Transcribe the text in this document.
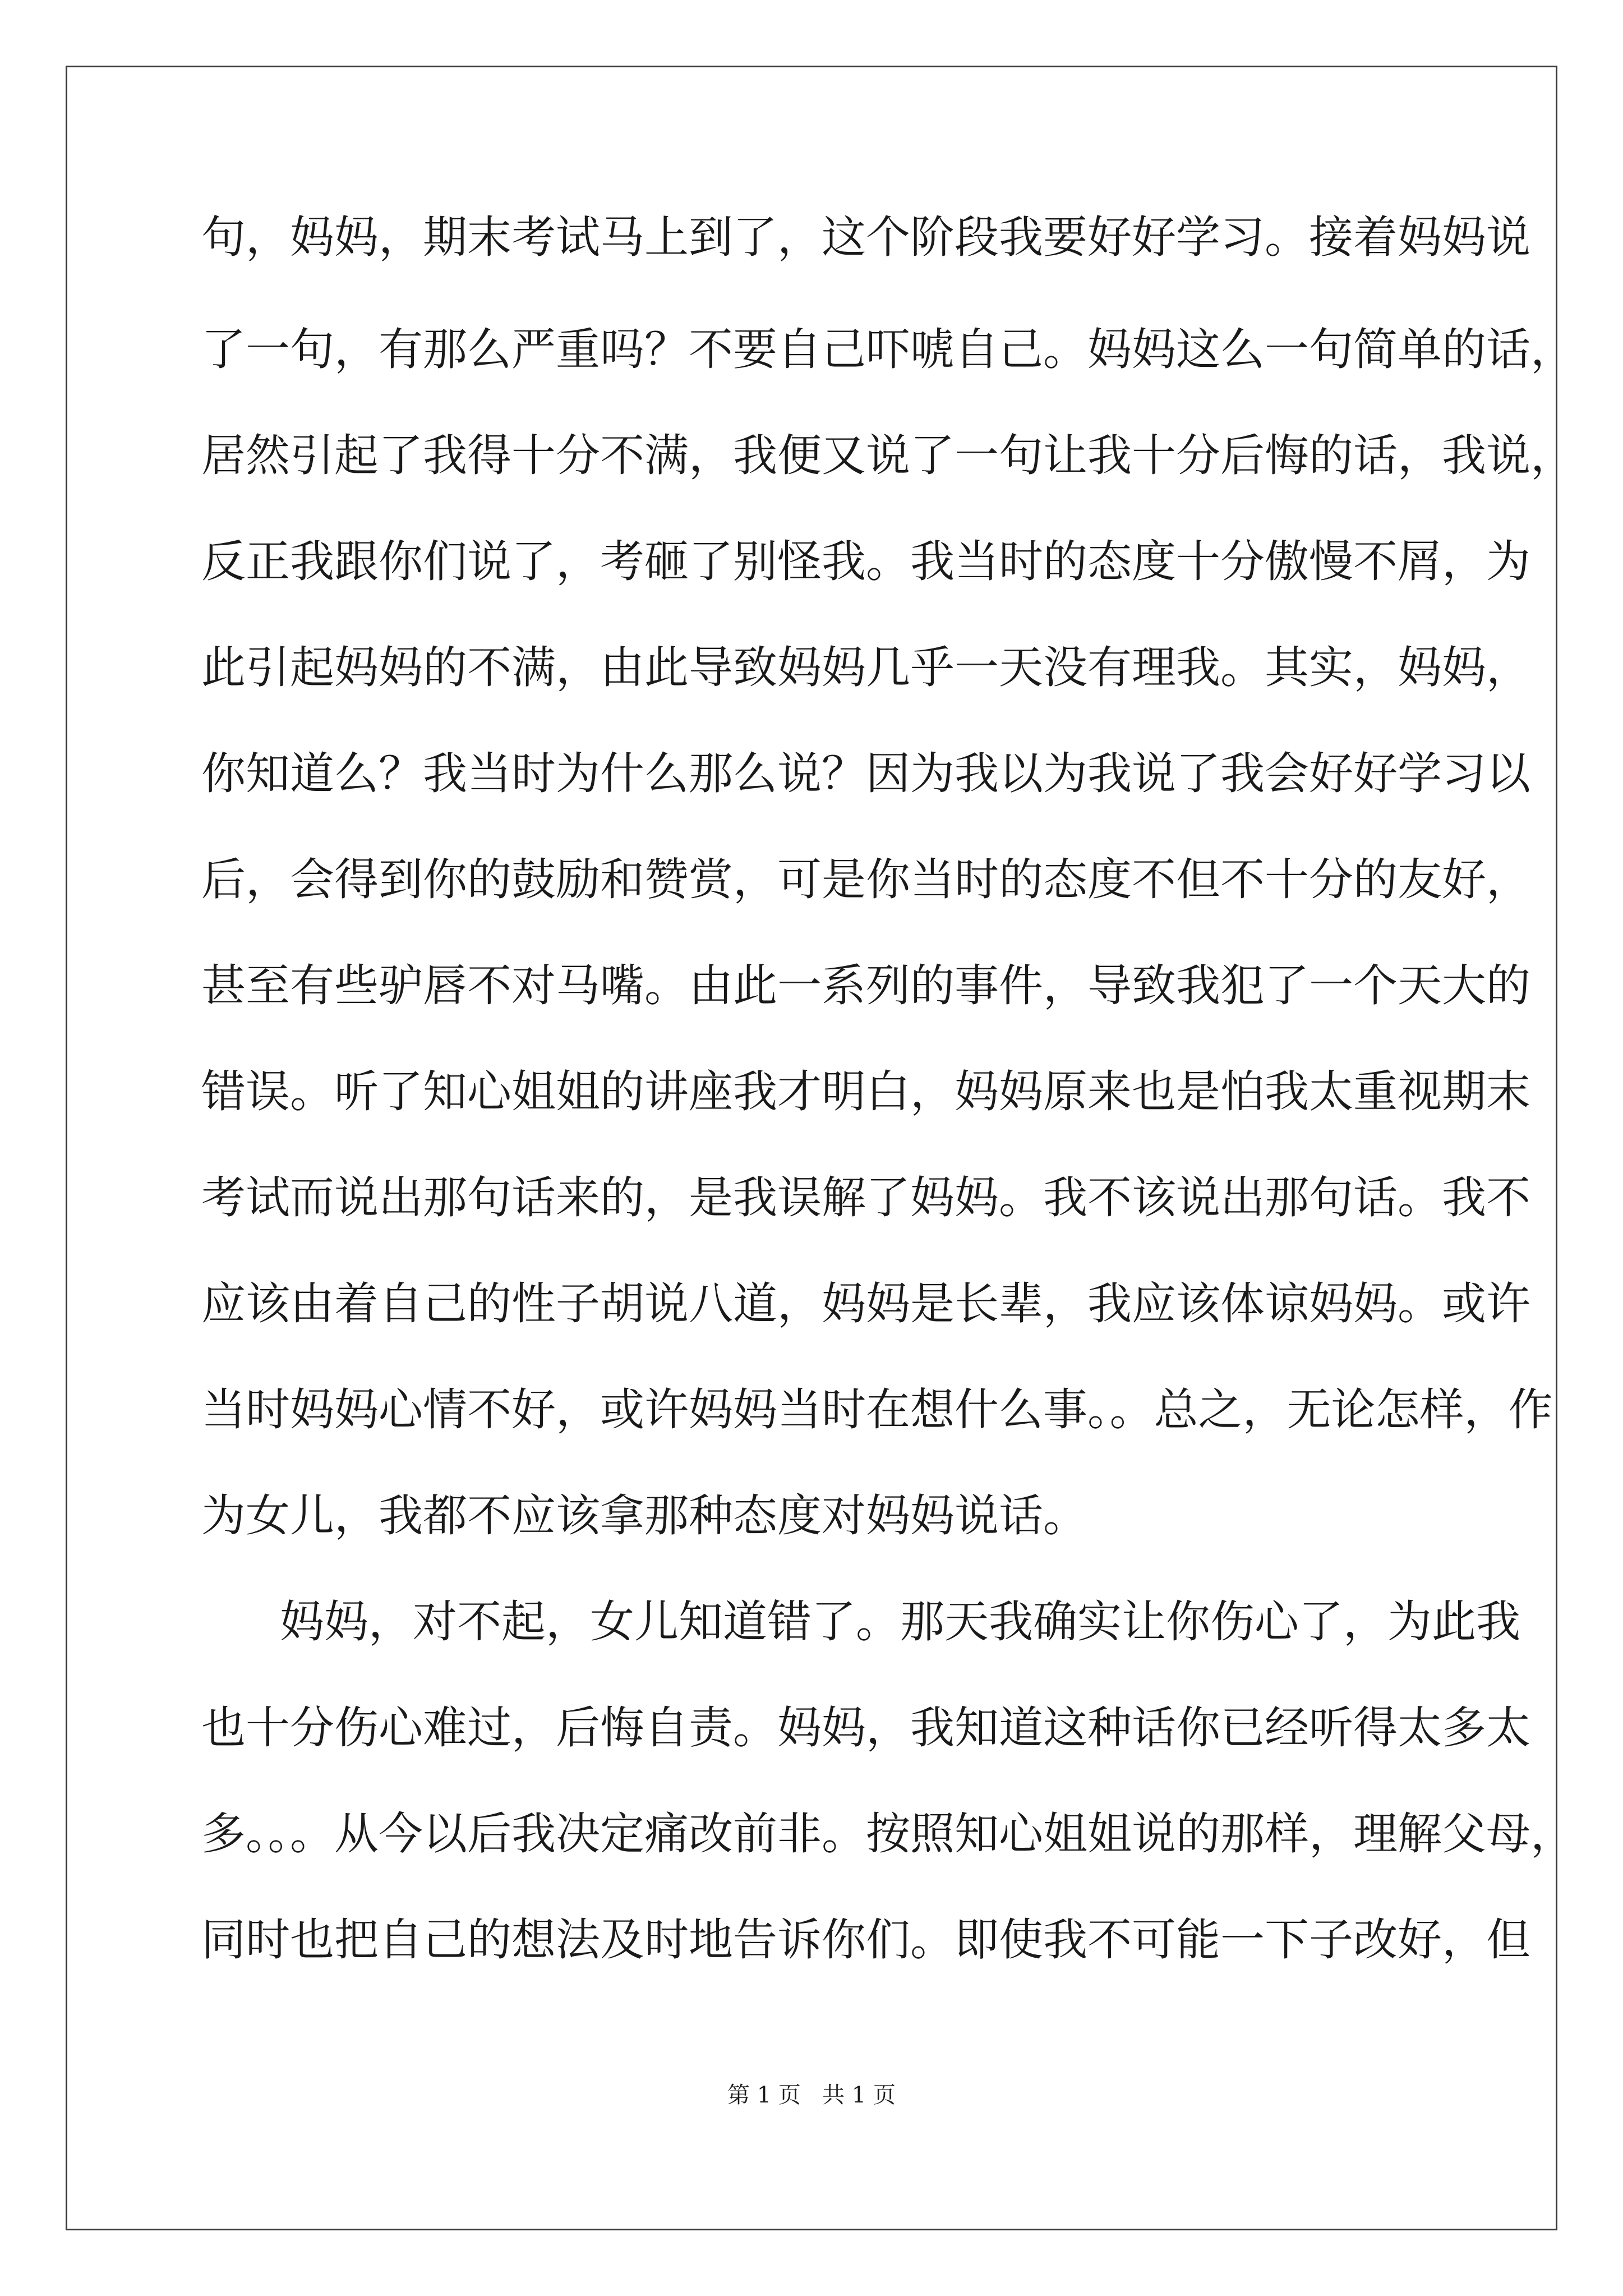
句，妈妈，期末考试马上到了，这个阶段我要好好学习。接着妈妈说
了一句，有那么严重吗？不要自己吓唬自己。妈妈这么一句简单的话，
居然引起了我得十分不满，我便又说了一句让我十分后悔的话，我说，
反正我跟你们说了，考砸了别怪我。我当时的态度十分傲慢不屑，为
此引起妈妈的不满，由此导致妈妈几乎一天没有理我。其实，妈妈，
你知道么？我当时为什么那么说？因为我以为我说了我会好好学习以
后，会得到你的鼓励和赞赏，可是你当时的态度不但不十分的友好，
甚至有些驴唇不对马嘴。由此一系列的事件，导致我犯了一个天大的
错误。听了知心姐姐的讲座我才明白，妈妈原来也是怕我太重视期末
考试而说出那句话来的，是我误解了妈妈。我不该说出那句话。我不
应该由着自己的性子胡说八道，妈妈是长辈，我应该体谅妈妈。或许
当时妈妈心情不好，或许妈妈当时在想什么事。。总之，无论怎样，作
为女儿，我都不应该拿那种态度对妈妈说话。
妈妈，对不起，女儿知道错了。那天我确实让你伤心了，为此我
也十分伤心难过，后悔自责。妈妈，我知道这种话你已经听得太多太
多。。。从今以后我决定痛改前非。按照知心姐姐说的那样，理解父母，
同时也把自己的想法及时地告诉你们。即使我不可能一下子改好，但
第 1 页   共 1 页
